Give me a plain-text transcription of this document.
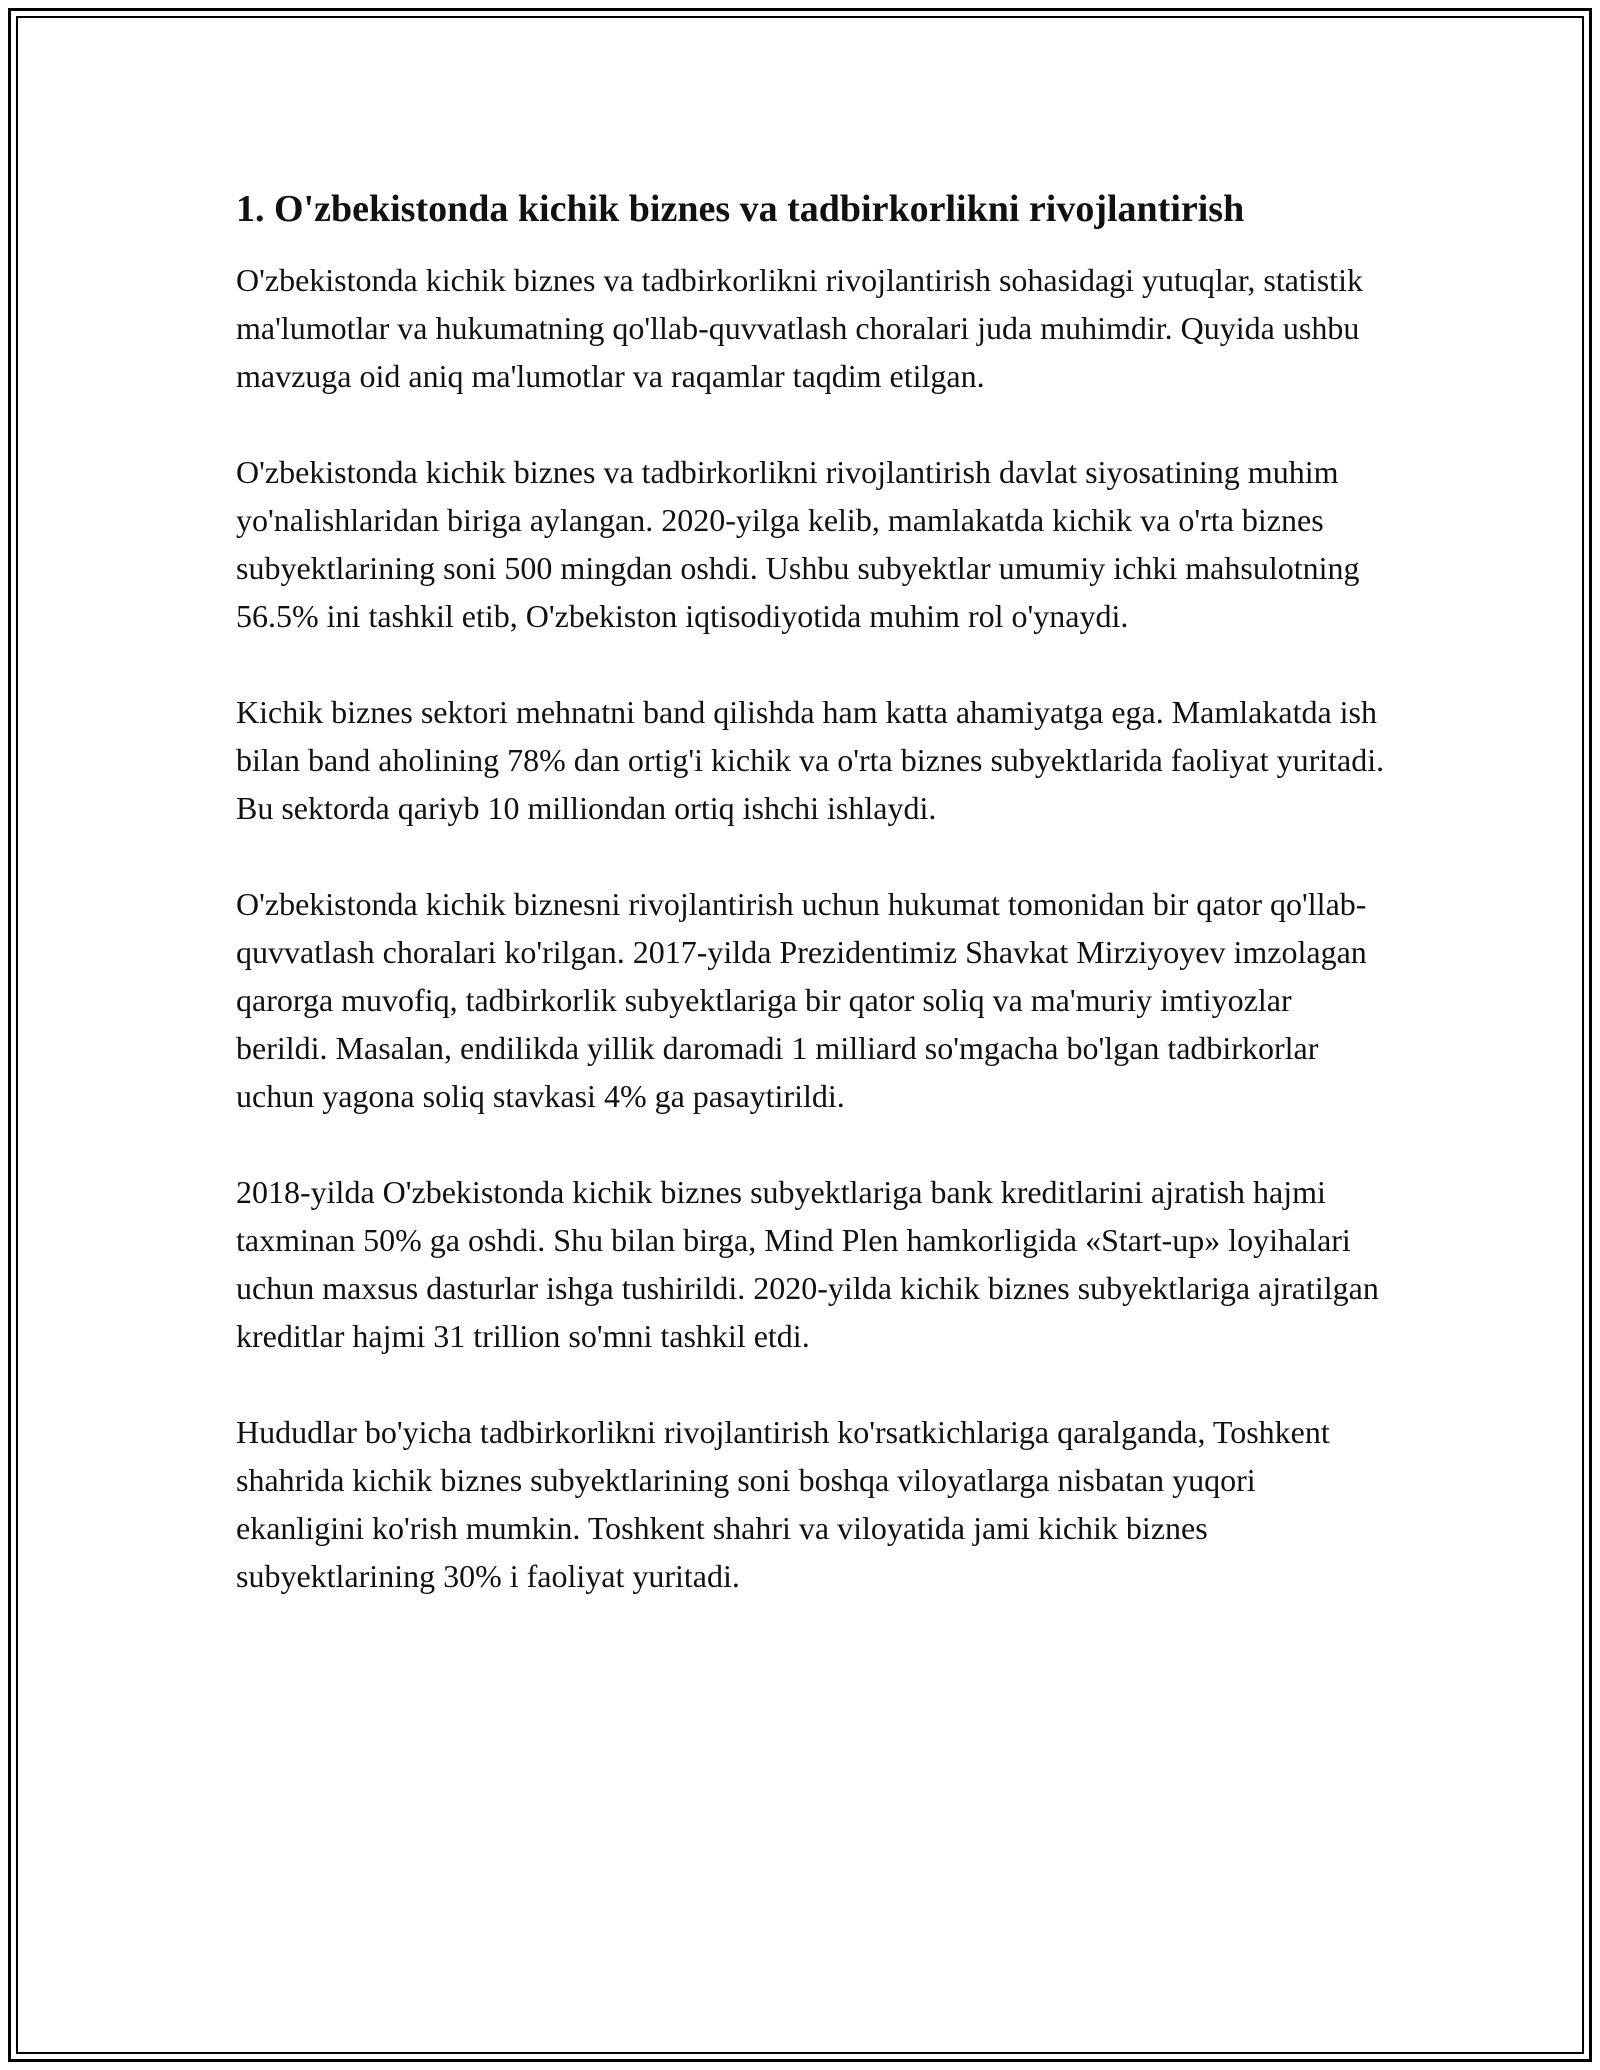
1. O'zbekistonda kichik biznes va tadbirkorlikni rivojlantirish

O'zbekistonda kichik biznes va tadbirkorlikni rivojlantirish sohasidagi yutuqlar, statistik ma'lumotlar va hukumatning qo'llab-quvvatlash choralari juda muhimdir. Quyida ushbu mavzuga oid aniq ma'lumotlar va raqamlar taqdim etilgan.

O'zbekistonda kichik biznes va tadbirkorlikni rivojlantirish davlat siyosatining muhim yo'nalishlaridan biriga aylangan. 2020-yilga kelib, mamlakatda kichik va o'rta biznes subyektlarining soni 500 mingdan oshdi. Ushbu subyektlar umumiy ichki mahsulotning 56.5% ini tashkil etib, O'zbekiston iqtisodiyotida muhim rol o'ynaydi.

Kichik biznes sektori mehnatni band qilishda ham katta ahamiyatga ega. Mamlakatda ish bilan band aholining 78% dan ortig'i kichik va o'rta biznes subyektlarida faoliyat yuritadi. Bu sektorda qariyb 10 milliondan ortiq ishchi ishlaydi.

O'zbekistonda kichik biznesni rivojlantirish uchun hukumat tomonidan bir qator qo'llab-quvvatlash choralari ko'rilgan. 2017-yilda Prezidentimiz Shavkat Mirziyoyev imzolagan qarorga muvofiq, tadbirkorlik subyektlariga bir qator soliq va ma'muriy imtiyozlar berildi. Masalan, endilikda yillik daromadi 1 milliard so'mgacha bo'lgan tadbirkorlar uchun yagona soliq stavkasi 4% ga pasaytirildi.

2018-yilda O'zbekistonda kichik biznes subyektlariga bank kreditlarini ajratish hajmi taxminan 50% ga oshdi. Shu bilan birga, Mind Plen hamkorligida «Start-up» loyihalari uchun maxsus dasturlar ishga tushirildi. 2020-yilda kichik biznes subyektlariga ajratilgan kreditlar hajmi 31 trillion so'mni tashkil etdi.

Hududlar bo'yicha tadbirkorlikni rivojlantirish ko'rsatkichlariga qaralganda, Toshkent shahrida kichik biznes subyektlarining soni boshqa viloyatlarga nisbatan yuqori ekanligini ko'rish mumkin. Toshkent shahri va viloyatida jami kichik biznes subyektlarining 30% i faoliyat yuritadi.
